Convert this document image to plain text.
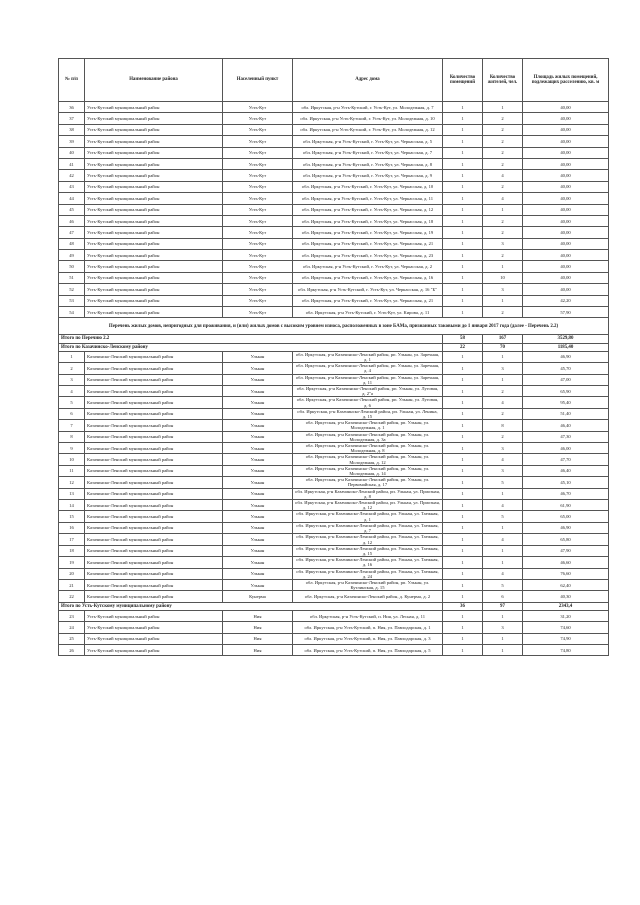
№ п/п	Наименование района	Населенный пункт	Адрес дома	Количество помещений	Количество жителей, чел.	Площадь жилых помещений, подлежащих расселению, кв. м
36	Усть-Кутский муниципальный район	Усть-Кут	обл. Иркутская, р-н Усть-Кутский, г. Усть-Кут, ул. Молодежная, д. 7	1	1	40,00
37	Усть-Кутский муниципальный район	Усть-Кут	обл. Иркутская, р-н Усть-Кутский, г. Усть-Кут, ул. Молодежная, д. 10	1	2	40,00
38	Усть-Кутский муниципальный район	Усть-Кут	обл. Иркутская, р-н Усть-Кутский, г. Усть-Кут, ул. Молодежная, д. 12	1	2	40,00
39	Усть-Кутский муниципальный район	Усть-Кут	обл. Иркутская, р-н Усть-Кутский, г. Усть-Кут, ул. Черкасская, д. 5	1	2	40,00
40	Усть-Кутский муниципальный район	Усть-Кут	обл. Иркутская, р-н Усть-Кутский, г. Усть-Кут, ул. Черкасская, д. 7	1	2	40,00
41	Усть-Кутский муниципальный район	Усть-Кут	обл. Иркутская, р-н Усть-Кутский, г. Усть-Кут, ул. Черкасская, д. 8	1	2	40,00
42	Усть-Кутский муниципальный район	Усть-Кут	обл. Иркутская, р-н Усть-Кутский, г. Усть-Кут, ул. Черкасская, д. 9	1	4	40,00
43	Усть-Кутский муниципальный район	Усть-Кут	обл. Иркутская, р-н Усть-Кутский, г. Усть-Кут, ул. Черкасская, д. 10	1	2	40,00
44	Усть-Кутский муниципальный район	Усть-Кут	обл. Иркутская, р-н Усть-Кутский, г. Усть-Кут, ул. Черкасская, д. 11	1	4	40,00
45	Усть-Кутский муниципальный район	Усть-Кут	обл. Иркутская, р-н Усть-Кутский, г. Усть-Кут, ул. Черкасская, д. 12	1	1	40,00
46	Усть-Кутский муниципальный район	Усть-Кут	обл. Иркутская, р-н Усть-Кутский, г. Усть-Кут, ул. Черкасская, д. 18	1	2	40,00
47	Усть-Кутский муниципальный район	Усть-Кут	обл. Иркутская, р-н Усть-Кутский, г. Усть-Кут, ул. Черкасская, д. 19	1	2	40,00
48	Усть-Кутский муниципальный район	Усть-Кут	обл. Иркутская, р-н Усть-Кутский, г. Усть-Кут, ул. Черкасская, д. 21	1	3	40,00
49	Усть-Кутский муниципальный район	Усть-Кут	обл. Иркутская, р-н Усть-Кутский, г. Усть-Кут, ул. Черкасская, д. 23	1	2	40,00
50	Усть-Кутский муниципальный район	Усть-Кут	обл. Иркутская, р-н Усть-Кутский, г. Усть-Кут, ул. Черкасская, д. 2	1	1	40,00
51	Усть-Кутский муниципальный район	Усть-Кут	обл. Иркутская, р-н Усть-Кутский, г. Усть-Кут, ул. Черкасская, д. 16	1	10	40,00
52	Усть-Кутский муниципальный район	Усть-Кут	обл. Иркутская, р-н Усть-Кутский, г. Усть-Кут, ул. Черкасская, д. 16 "Б"	1	3	40,00
53	Усть-Кутский муниципальный район	Усть-Кут	обл. Иркутская, р-н Усть-Кутский, г. Усть-Кут, ул. Черкасская, д. 21	1	1	42,20
54	Усть-Кутский муниципальный район	Усть-Кут	обл. Иркутская, р-н Усть-Кутский, г. Усть-Кут, ул. Кирова, д. 11	1	2	57,90
Перечень жилых домов, непригодных для проживания, и (или) жилых домов с высоким уровнем износа, расположенных в зоне БАМа, признанных таковыми до 1 января 2017 года (далее - Перечень 2.2)						
Итого по Перечню 2.2				58	167	3529,80
Итого по Казачинско-Ленскому району				22	70	1185,40
1	Казачинско-Ленский муниципальный район	Улькан	обл. Иркутская, р-н Казачинско-Ленский район, рп. Улькан, ул. Заречная, д. 1	1	1	46,90
2	Казачинско-Ленский муниципальный район	Улькан	обл. Иркутская, р-н Казачинско-Ленский район, рп. Улькан, ул. Заречная, д. 4	1	3	45,70
3	Казачинско-Ленский муниципальный район	Улькан	обл. Иркутская, р-н Казачинско-Ленский район, рп. Улькан, ул. Заречная, д. 11	1	1	47,00
4	Казачинско-Ленский муниципальный район	Улькан	обл. Иркутская, р-н Казачинско-Ленский район, рп. Улькан, ул. Луговая, д. 2"а	1	2	65,90
5	Казачинско-Ленский муниципальный район	Улькан	обл. Иркутская, р-н Казачинско-Ленский район, рп. Улькан, ул. Луговая, д. 6	1	4	95,40
6	Казачинско-Ленский муниципальный район	Улькан	обл. Иркутская, р-н Казачинско-Ленский район, рп. Улькан, ул. Ленина, д. 15	1	2	51,40
7	Казачинско-Ленский муниципальный район	Улькан	обл. Иркутская, р-н Казачинско-Ленский район, рп. Улькан, ул. Молодежная, д. 1	1	8	46,40
8	Казачинско-Ленский муниципальный район	Улькан	обл. Иркутская, р-н Казачинско-Ленский район, рп. Улькан, ул. Молодежная, д. 3а	1	2	47,30
9	Казачинско-Ленский муниципальный район	Улькан	обл. Иркутская, р-н Казачинско-Ленский район, рп. Улькан, ул. Молодежная, д. 8	1	3	46,00
10	Казачинско-Ленский муниципальный район	Улькан	обл. Иркутская, р-н Казачинско-Ленский район, рп. Улькан, ул. Молодежная, д. 12	1	4	47,70
11	Казачинско-Ленский муниципальный район	Улькан	обл. Иркутская, р-н Казачинско-Ленский район, рп. Улькан, ул. Молодежная, д. 14	1	3	46,40
12	Казачинско-Ленский муниципальный район	Улькан	обл. Иркутская, р-н Казачинско-Ленский район, рп. Улькан, ул. Первомайская, д. 17	1	5	45,10
13	Казачинско-Ленский муниципальный район	Улькан	обл. Иркутская, р-н Казачинско-Ленский район, рп. Улькан, ул. Приозная, д. 8	1	1	46,70
14	Казачинско-Ленский муниципальный район	Улькан	обл. Иркутская, р-н Казачинско-Ленский район, рп. Улькан, ул. Приозная, д. 12	1	4	61,90
15	Казачинско-Ленский муниципальный район	Улькан	обл. Иркутская, р-н Казачинско-Ленский район, рп. Улькан, ул. Таежная, д. 1	1	5	65,00
16	Казачинско-Ленский муниципальный район	Улькан	обл. Иркутская, р-н Казачинско-Ленский район, рп. Улькан, ул. Таежная, д. 7	1	1	46,90
17	Казачинско-Ленский муниципальный район	Улькан	обл. Иркутская, р-н Казачинско-Ленский район, рп. Улькан, ул. Таежная, д. 12	1	4	65,80
18	Казачинско-Ленский муниципальный район	Улькан	обл. Иркутская, р-н Казачинско-Ленский район, рп. Улькан, ул. Таежная, д. 15	1	1	47,90
19	Казачинско-Ленский муниципальный район	Улькан	обл. Иркутская, р-н Казачинско-Ленский район, рп. Улькан, ул. Таежная, д. 16	1	1	46,60
20	Казачинско-Ленский муниципальный район	Улькан	обл. Иркутская, р-н Казачинско-Ленский район, рп. Улькан, ул. Таежная, д. 24	1	4	76,60
21	Казачинско-Ленский муниципальный район	Улькан	обл. Иркутская, р-н Казачинско-Ленский район, рп. Улькан, ул. Кутлинская, д. 15	1	5	62,40
22	Казачинско-Ленский муниципальный район	Кунерма	обл. Иркутская, р-н Казачинско-Ленский район, д. Кунерма, д. 2	1	6	40,30
Итого по Усть-Кутскому муниципальному району				36	97	2343,4
23	Усть-Кутский муниципальный район	Ния	обл. Иркутская, р-н Усть-Кутский, п. Ния, ул. Лесная, д. 11	1	1	31,20
24	Усть-Кутский муниципальный район	Ния	обл. Иркутская, р-н Усть-Кутский, п. Ния, ул. Павлодарская, д. 1	1	3	74,60
25	Усть-Кутский муниципальный район	Ния	обл. Иркутская, р-н Усть-Кутский, п. Ния, ул. Павлодарская, д. 3	1	1	74,90
26	Усть-Кутский муниципальный район	Ния	обл. Иркутская, р-н Усть-Кутский, п. Ния, ул. Павлодарская, д. 5	1	1	74,80
